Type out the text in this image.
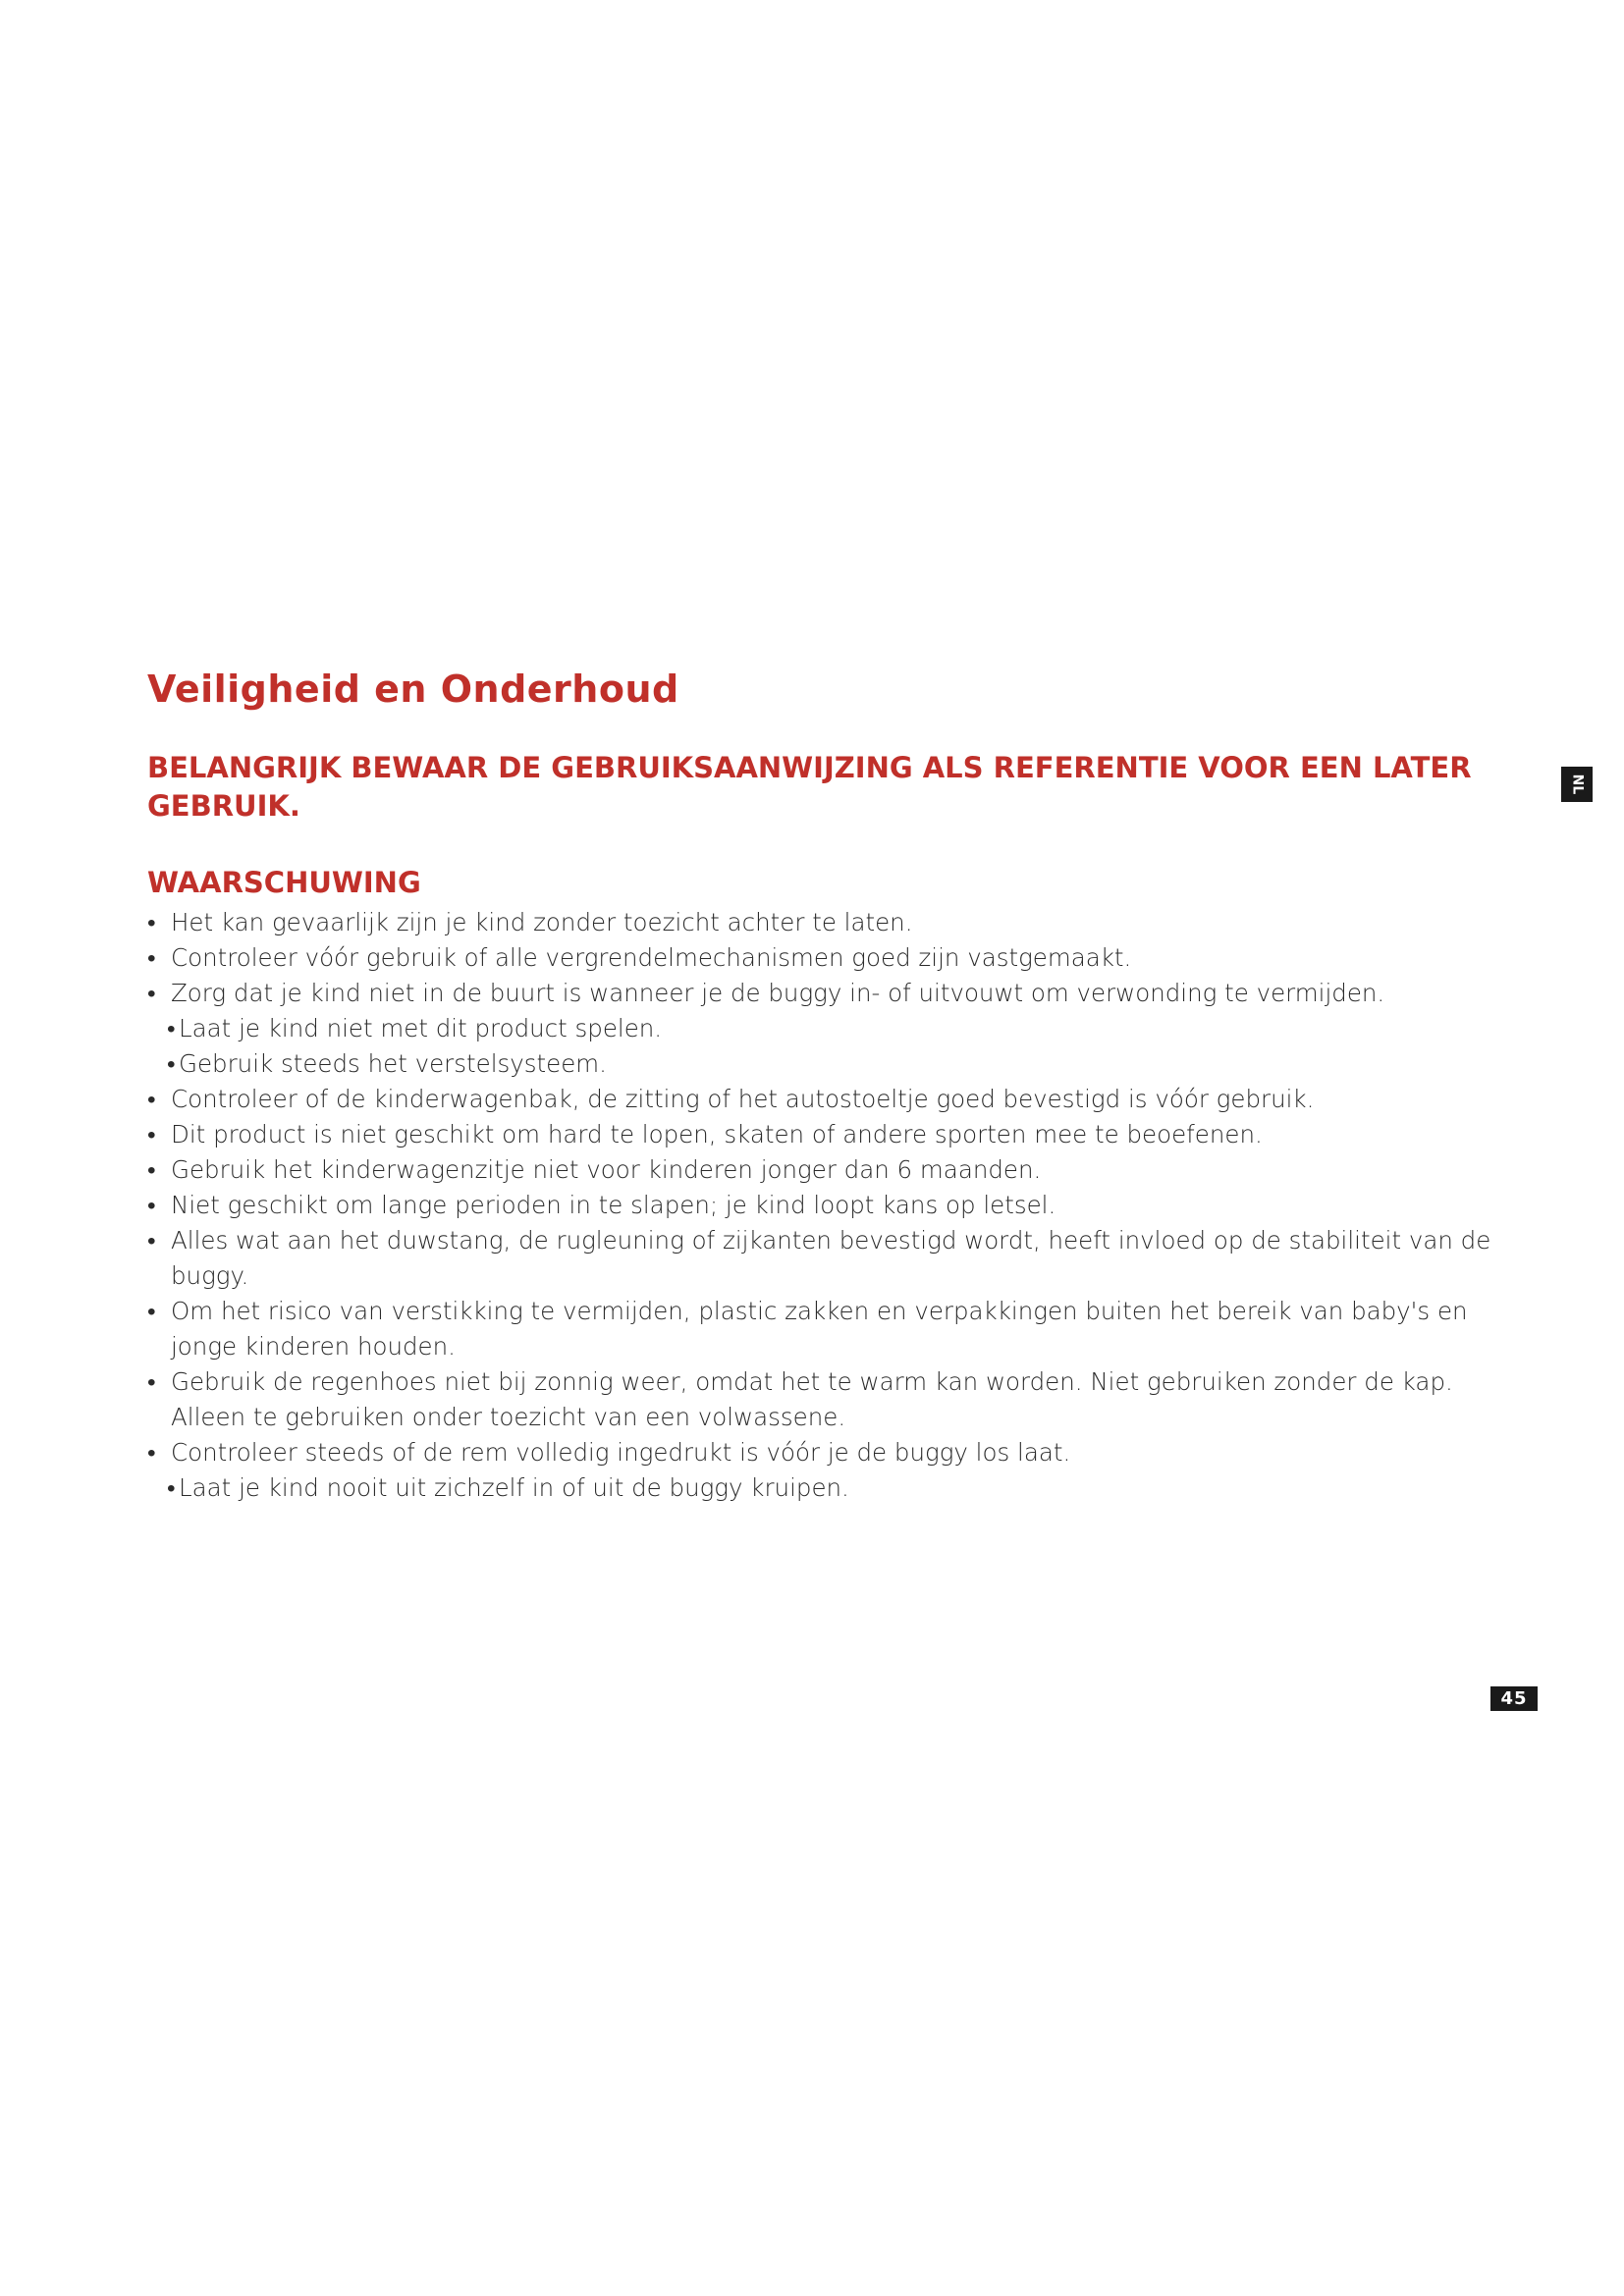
Veiligheid en Onderhoud

BELANGRIJK BEWAAR DE GEBRUIKSAANWIJZING ALS REFERENTIE VOOR EEN LATER GEBRUIK.

WAARSCHUWING
• Het kan gevaarlijk zijn je kind zonder toezicht achter te laten.
• Controleer vóór gebruik of alle vergrendelmechanismen goed zijn vastgemaakt.
• Zorg dat je kind niet in de buurt is wanneer je de buggy in- of uitvouwt om verwonding te vermijden.
• Laat je kind niet met dit product spelen.
• Gebruik steeds het verstelsysteem.
• Controleer of de kinderwagenbak, de zitting of het autostoeltje goed bevestigd is vóór gebruik.
• Dit product is niet geschikt om hard te lopen, skaten of andere sporten mee te beoefenen.
• Gebruik het kinderwagenzitje niet voor kinderen jonger dan 6 maanden.
• Niet geschikt om lange perioden in te slapen; je kind loopt kans op letsel.
• Alles wat aan het duwstang, de rugleuning of zijkanten bevestigd wordt, heeft invloed op de stabiliteit van de buggy.
• Om het risico van verstikking te vermijden, plastic zakken en verpakkingen buiten het bereik van baby's en jonge kinderen houden.
• Gebruik de regenhoes niet bij zonnig weer, omdat het te warm kan worden. Niet gebruiken zonder de kap. Alleen te gebruiken onder toezicht van een volwassene.
• Controleer steeds of de rem volledig ingedrukt is vóór je de buggy los laat.
• Laat je kind nooit uit zichzelf in of uit de buggy kruipen.
NL
45
